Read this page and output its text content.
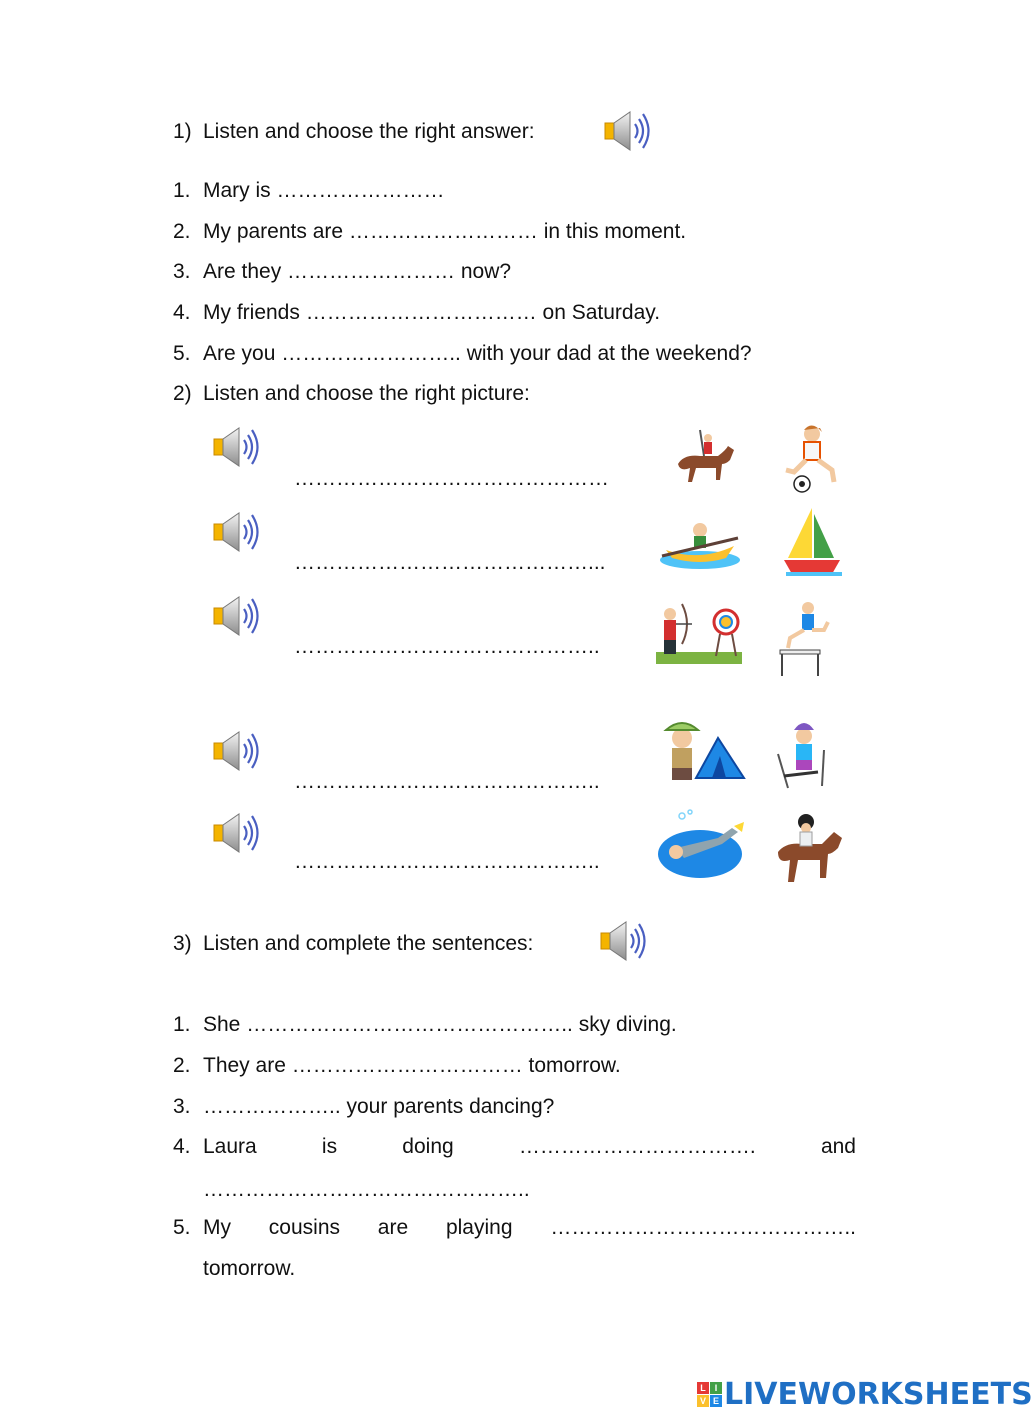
1) Listen and choose the right answer:
1. Mary is ……………………
2. My parents are ……………………… in this moment.
3. Are they …………………… now?
4. My friends …………………………… on Saturday.
5. Are you …………………….. with your dad at the weekend?
2) Listen and choose the right picture:
………………………………………
……………………………………...
……………………………………..
……………………………………..
……………………………………..
3) Listen and complete the sentences:
1. She ……………………………………….. sky diving.
2. They are …………………………… tomorrow.
3. ……………….. your parents dancing?
4. Laura	is	doing	…………………………….	and
………………………………………..
5. My cousins are playing ……………………………………..
tomorrow.
L I
V E LIVEWORKSHEETS
